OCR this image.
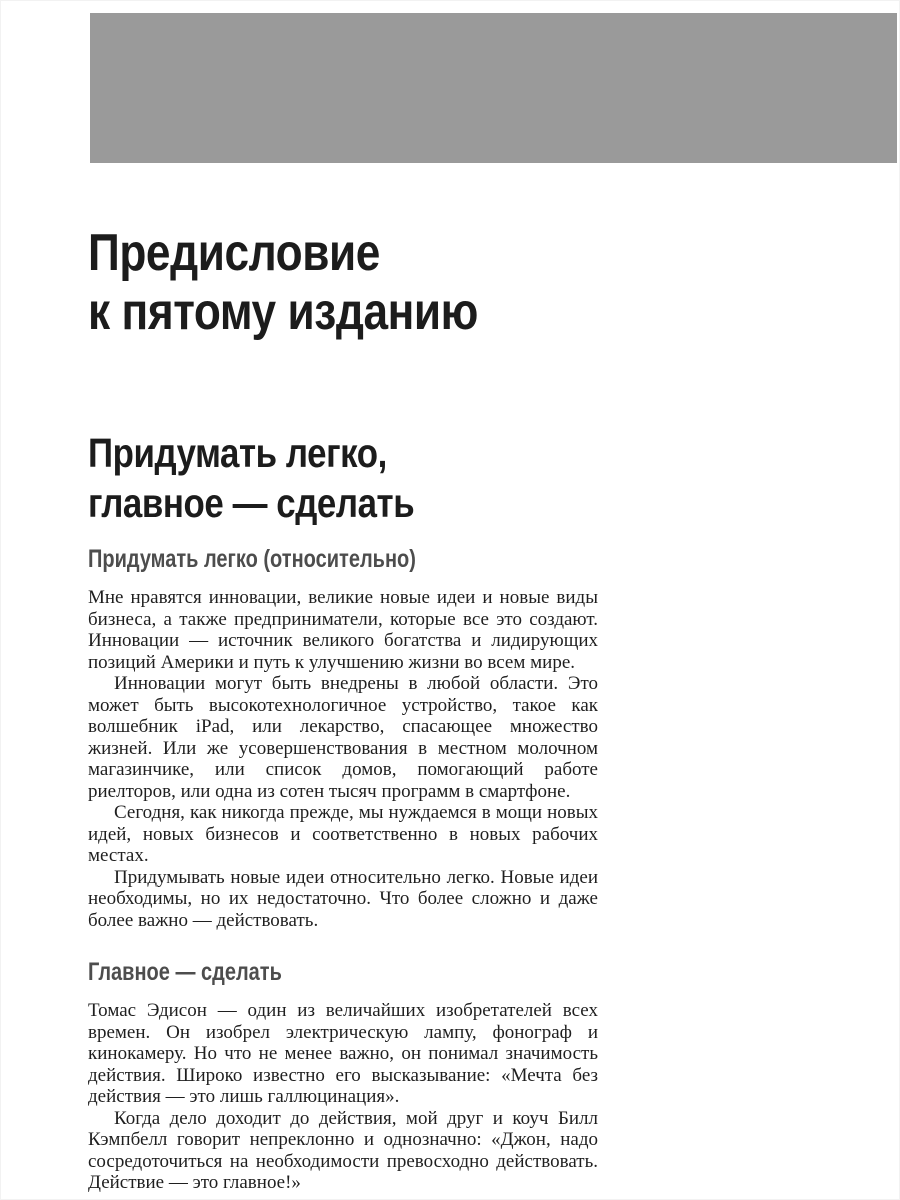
Предисловие
к пятому изданию
Придумать легко,
главное — сделать
Придумать легко (относительно)

Мне нравятся инновации, великие новые идеи и новые виды бизнеса, а также предприниматели, которые все это создают. Инновации — источник великого богатства и лидирующих позиций Америки и путь к улучшению жизни во всем мире.

Инновации могут быть внедрены в любой области. Это может быть высокотехнологичное устройство, такое как волшебник iPad, или лекарство, спасающее множество жизней. Или же усовершенствования в местном молочном магазинчике, или список домов, помогающий работе риелторов, или одна из сотен тысяч программ в смартфоне.

Сегодня, как никогда прежде, мы нуждаемся в мощи новых идей, новых бизнесов и соответственно в новых рабочих местах.

Придумывать новые идеи относительно легко. Новые идеи необходимы, но их недостаточно. Что более сложно и даже более важно — действовать.

Главное — сделать

Томас Эдисон — один из величайших изобретателей всех времен. Он изобрел электрическую лампу, фонограф и кинокамеру. Но что не менее важно, он понимал значимость действия. Широко известно его высказывание: «Мечта без действия — это лишь галлюцинация».

Когда дело доходит до действия, мой друг и коуч Билл Кэмпбелл говорит непреклонно и однозначно: «Джон, надо сосредоточиться на необходимости превосходно действовать. Действие — это главное!»
